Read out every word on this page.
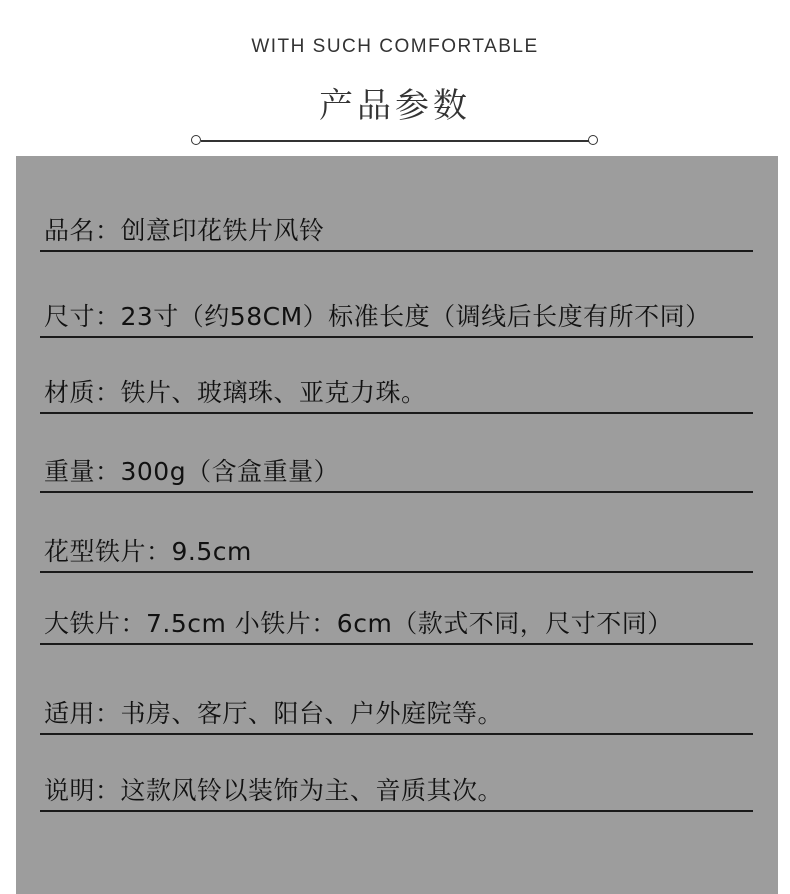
WITH SUCH COMFORTABLE
产品参数
品名：创意印花铁片风铃
尺寸：23寸（约58CM）标准长度（调线后长度有所不同）
材质：铁片、玻璃珠、亚克力珠。
重量：300g（含盒重量）
花型铁片：9.5cm
大铁片：7.5cm 小铁片：6cm（款式不同，尺寸不同）
适用：书房、客厅、阳台、户外庭院等。
说明：这款风铃以装饰为主、音质其次。
